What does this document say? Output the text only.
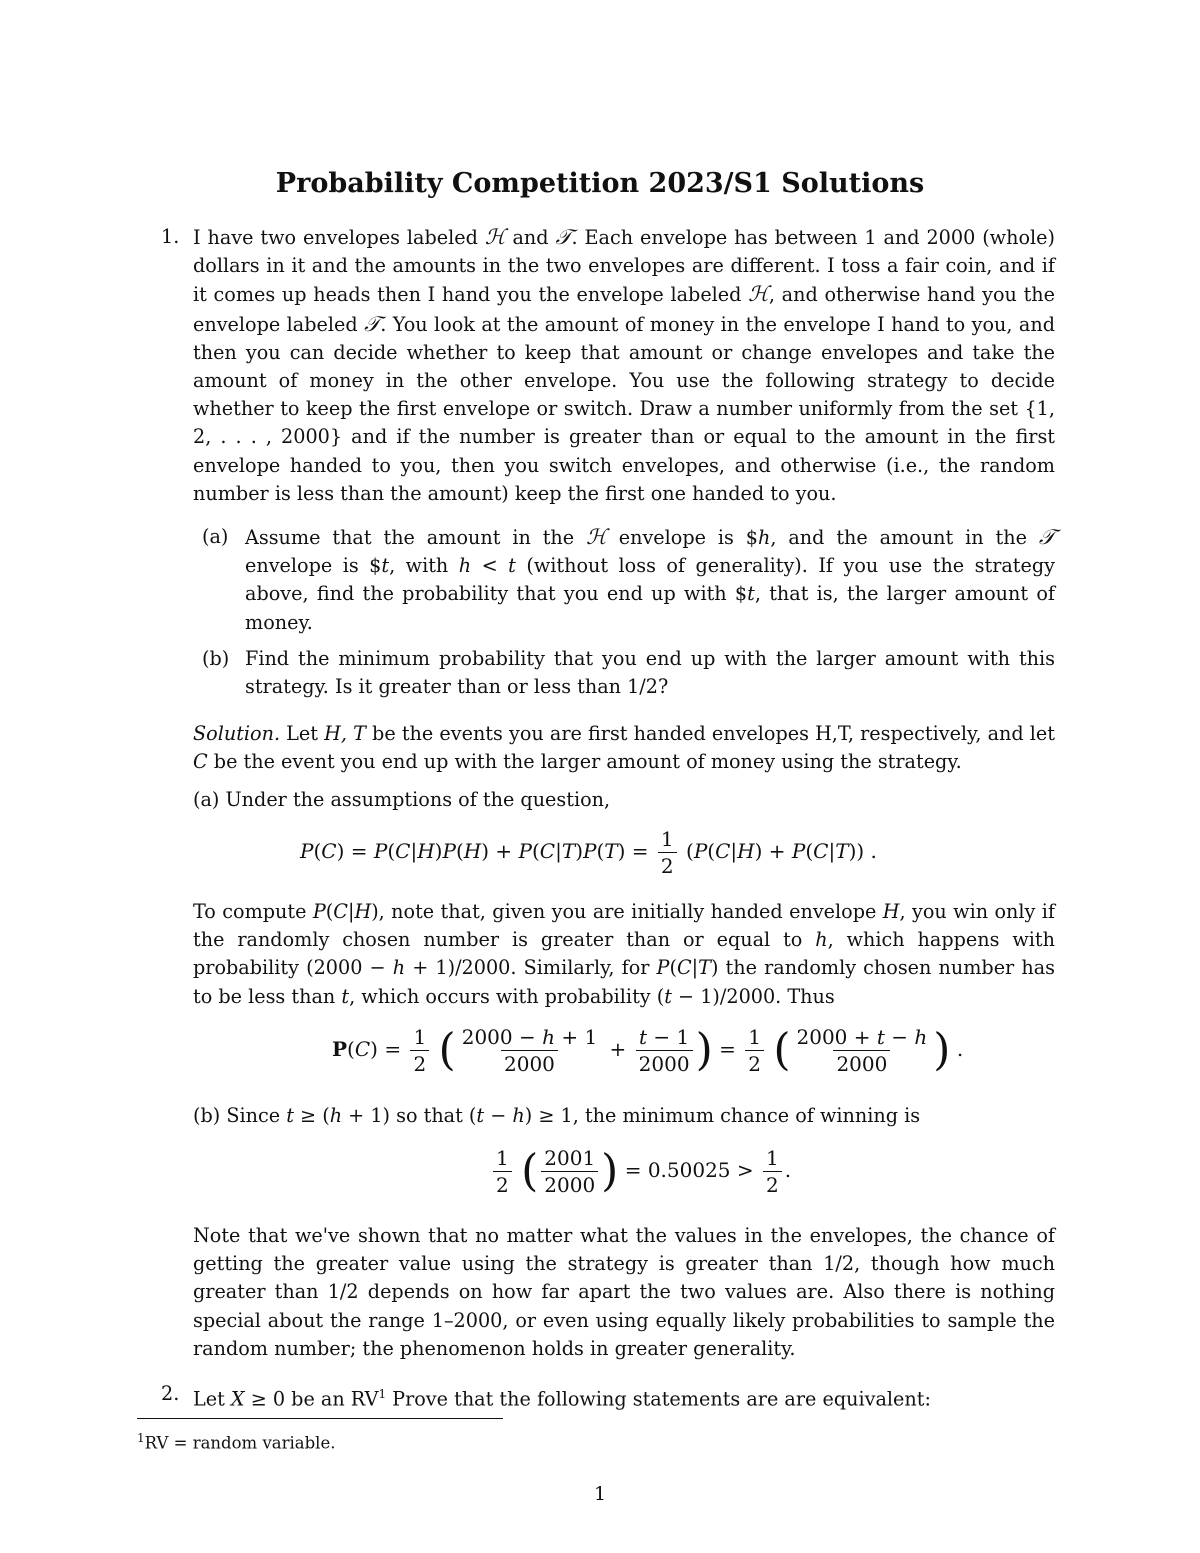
Probability Competition 2023/S1 Solutions
1. I have two envelopes labeled ℋ and 𝒯. Each envelope has between 1 and 2000 (whole) dollars in it and the amounts in the two envelopes are different. I toss a fair coin, and if it comes up heads then I hand you the envelope labeled ℋ, and otherwise hand you the envelope labeled 𝒯. You look at the amount of money in the envelope I hand to you, and then you can decide whether to keep that amount or change envelopes and take the amount of money in the other envelope. You use the following strategy to decide whether to keep the first envelope or switch. Draw a number uniformly from the set {1, 2, . . . , 2000} and if the number is greater than or equal to the amount in the first envelope handed to you, then you switch envelopes, and otherwise (i.e., the random number is less than the amount) keep the first one handed to you.

(a) Assume that the amount in the ℋ envelope is $h, and the amount in the 𝒯 envelope is $t, with h < t (without loss of generality). If you use the strategy above, find the probability that you end up with $t, that is, the larger amount of money.

(b) Find the minimum probability that you end up with the larger amount with this strategy. Is it greater than or less than 1/2?

Solution. Let H, T be the events you are first handed envelopes H,T, respectively, and let C be the event you end up with the larger amount of money using the strategy.

(a) Under the assumptions of the question,

$P(C) = P(C|H)P(H) + P(C|T)P(T) = \frac{1}{2} (P(C|H) + P(C|T))$ .

To compute P(C|H), note that, given you are initially handed envelope H, you win only if the randomly chosen number is greater than or equal to h, which happens with probability (2000 − h + 1)/2000. Similarly, for P(C|T) the randomly chosen number has to be less than t, which occurs with probability (t − 1)/2000. Thus

$P(C) = \frac{1}{2}$ ( $\frac{2000 - h + 1}{2000} + \frac{t - 1}{2000}$ ) = $\frac{1}{2}$ ( $\frac{2000 + t - h}{2000}$ ) .

(b) Since t ≥ (h + 1) so that (t − h) ≥ 1, the minimum chance of winning is

$\frac{1}{2}$ ( $\frac{2001}{2000}$ ) = $0.50025 > \frac{1}{2}$ .

Note that we've shown that no matter what the values in the envelopes, the chance of getting the greater value using the strategy is greater than 1/2, though how much greater than 1/2 depends on how far apart the two values are. Also there is nothing special about the range 1–2000, or even using equally likely probabilities to sample the random number; the phenomenon holds in greater generality.

2. Let X ≥ 0 be an $RV^1$ Prove that the following statements are are equivalent:

$^1$RV = random variable.
1
